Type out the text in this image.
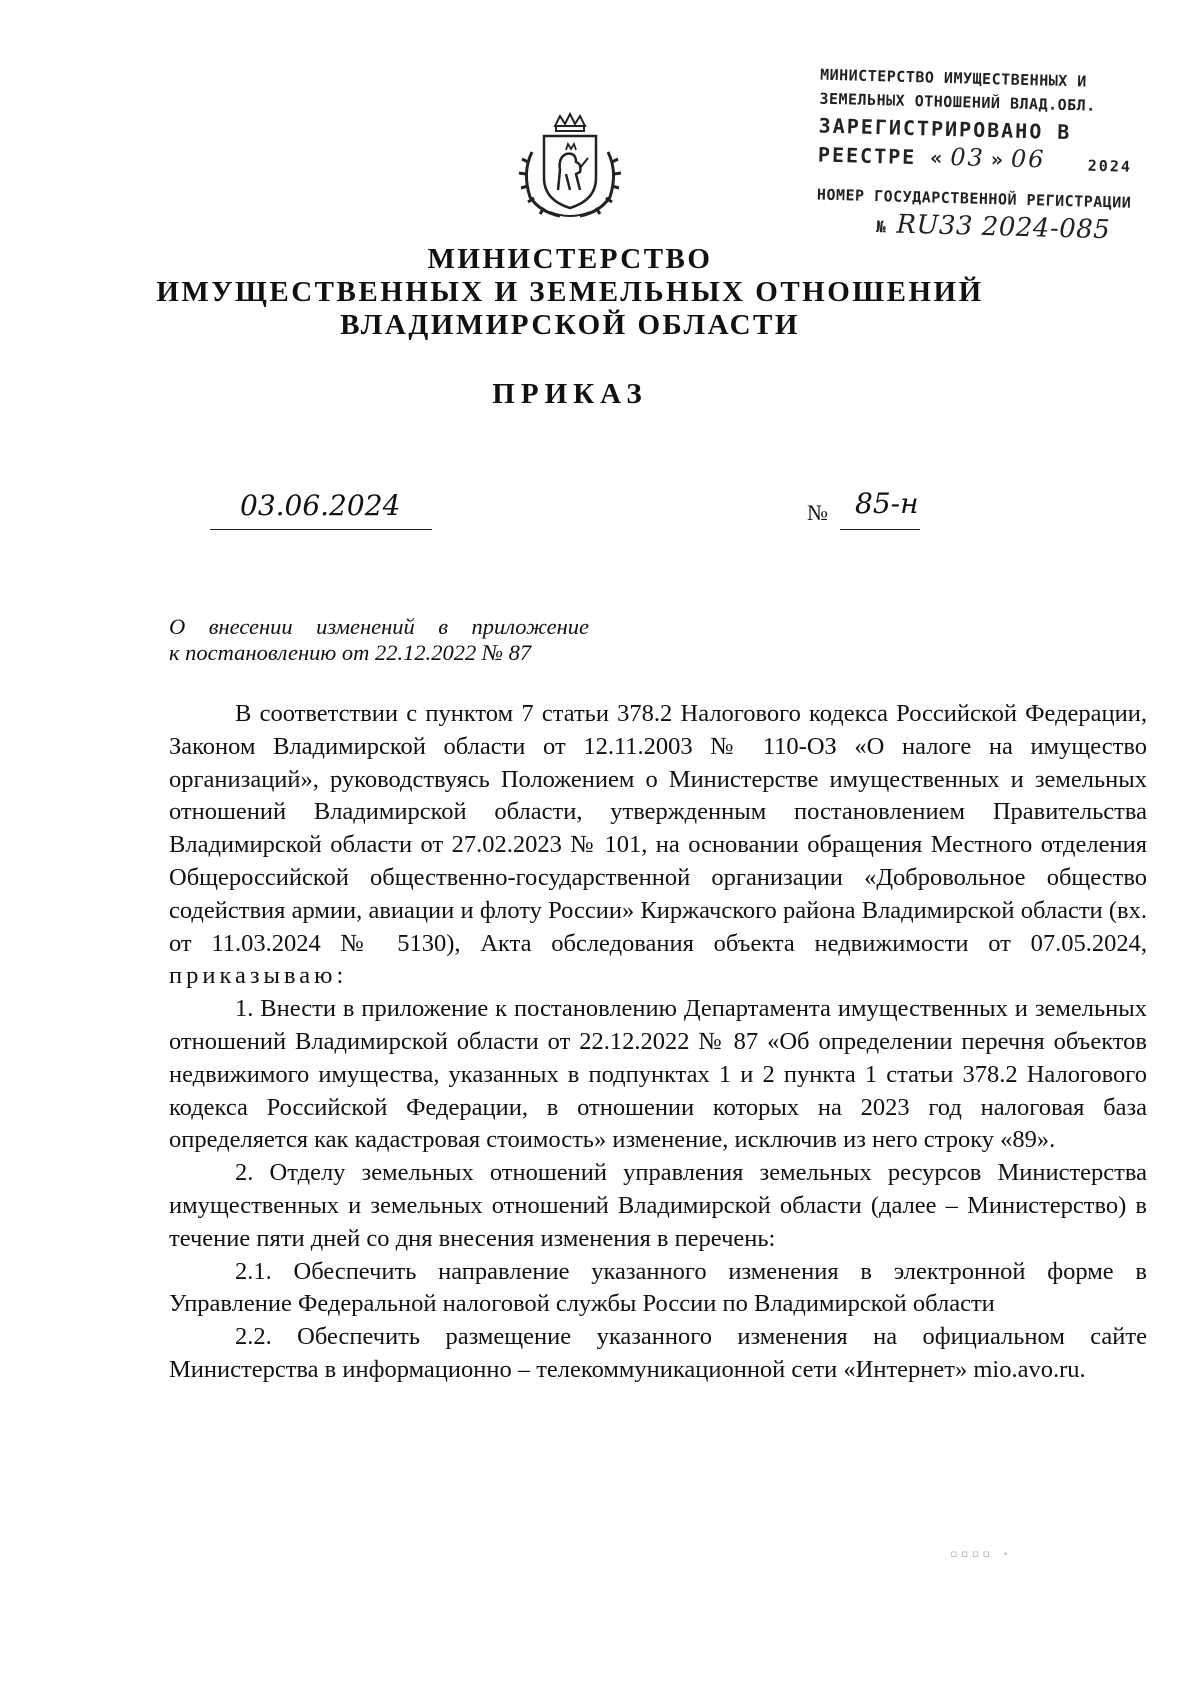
МИНИСТЕРСТВО ИМУЩЕСТВЕННЫХ И
ЗЕМЕЛЬНЫХ ОТНОШЕНИЙ ВЛАД.ОБЛ.
ЗАРЕГИСТРИРОВАНО В
РЕЕСТРЕ « 03 » 06	2024
НОМЕР ГОСУДАРСТВЕННОЙ РЕГИСТРАЦИИ
№ RU33 2024-085
МИНИСТЕРСТВО
ИМУЩЕСТВЕННЫХ И ЗЕМЕЛЬНЫХ ОТНОШЕНИЙ
ВЛАДИМИРСКОЙ ОБЛАСТИ
ПРИКАЗ
03.06.2024	№ 85-н
О внесении изменений в приложение
к постановлению от 22.12.2022 № 87

В соответствии с пунктом 7 статьи 378.2 Налогового кодекса Российской Федерации, Законом Владимирской области от 12.11.2003 № 110-ОЗ «О налоге на имущество организаций», руководствуясь Положением о Министерстве имущественных и земельных отношений Владимирской области, утвержденным постановлением Правительства Владимирской области от 27.02.2023 № 101, на основании обращения Местного отделения Общероссийской общественно-государственной организации «Добровольное общество содействия армии, авиации и флоту России» Киржачского района Владимирской области (вх. от 11.03.2024 № 5130), Акта обследования объекта недвижимости от 07.05.2024, приказываю:

1. Внести в приложение к постановлению Департамента имущественных и земельных отношений Владимирской области от 22.12.2022 № 87 «Об определении перечня объектов недвижимого имущества, указанных в подпунктах 1 и 2 пункта 1 статьи 378.2 Налогового кодекса Российской Федерации, в отношении которых на 2023 год налоговая база определяется как кадастровая стоимость» изменение, исключив из него строку «89».

2. Отделу земельных отношений управления земельных ресурсов Министерства имущественных и земельных отношений Владимирской области (далее – Министерство) в течение пяти дней со дня внесения изменения в перечень:

2.1. Обеспечить направление указанного изменения в электронной форме в Управление Федеральной налоговой службы России по Владимирской области

2.2. Обеспечить размещение указанного изменения на официальном сайте Министерства в информационно – телекоммуникационной сети «Интернет» mio.avo.ru.

▫▫▫▫ ·
